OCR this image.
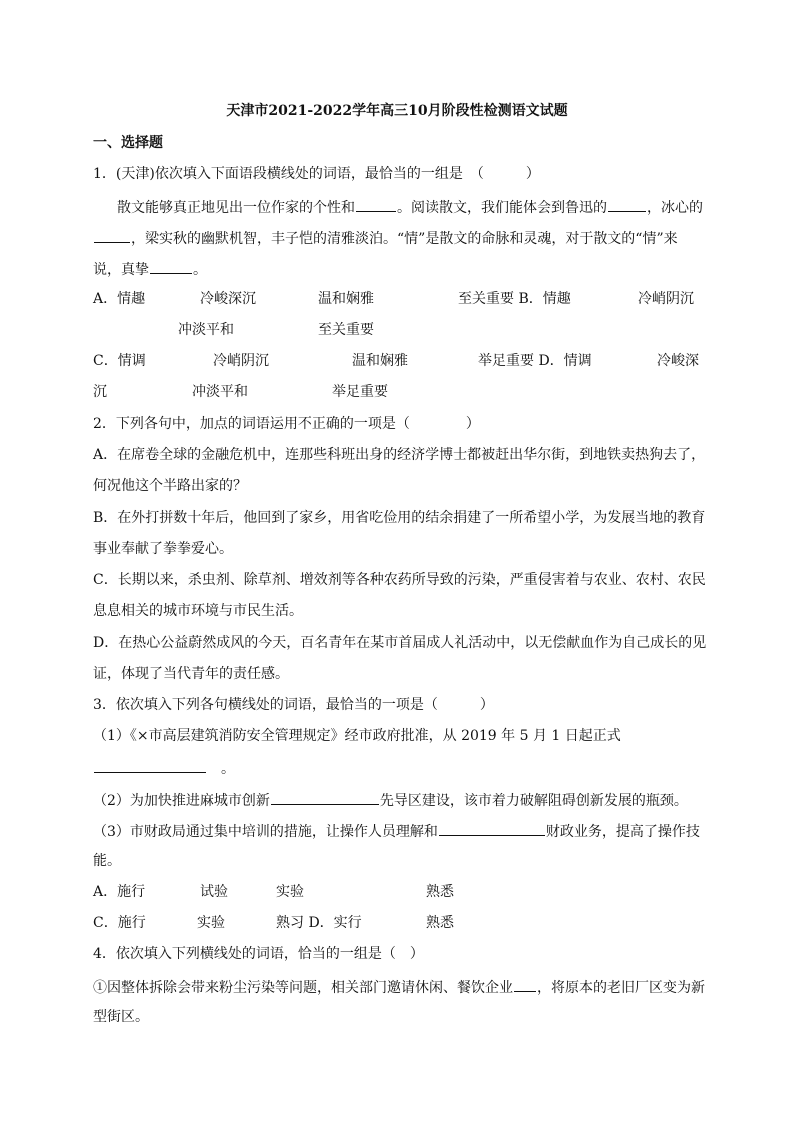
天津市2021-2022学年高三10月阶段性检测语文试题
一、选择题
1．(天津)依次填入下面语段横线处的词语，最恰当的一组是　（　　　）
散文能够真正地见出一位作家的个性和	。阅读散文，我们能体会到鲁迅的	，冰心的
，梁实秋的幽默机智，丰子恺的清雅淡泊。“情”是散文的命脉和灵魂，对于散文的“情”来
说，真挚	。
A．情趣	冷峻深沉	温和娴雅	至关重要 B．情趣	冷峭阴沉
冲淡平和	至关重要
C．情调	冷峭阴沉	温和娴雅	举足重要 D．情调	冷峻深
沉	冲淡平和	举足重要
2．下列各句中，加点的词语运用不正确的一项是（　　　　）
A．在席卷全球的金融危机中，连那些科班出身的经济学博士都被赶出华尔街，到地铁卖热狗去了，
何况他这个半路出家的？
B．在外打拼数十年后，他回到了家乡，用省吃俭用的结余捐建了一所希望小学，为发展当地的教育
事业奉献了拳拳爱心。
C．长期以来，杀虫剂、除草剂、增效剂等各种农药所导致的污染，严重侵害着与农业、农村、农民
息息相关的城市环境与市民生活。
D．在热心公益蔚然成风的今天，百名青年在某市首届成人礼活动中，以无偿献血作为自己成长的见
证，体现了当代青年的责任感。
3．依次填入下列各句横线处的词语，最恰当的一项是（　　　）
（1）《×市高层建筑消防安全管理规定》经市政府批准，从 2019 年 5 月 1 日起正式
　。
（2）为加快推进麻城市创新	先导区建设，该市着力破解阻碍创新发展的瓶颈。
（3）市财政局通过集中培训的措施，让操作人员理解和	财政业务，提高了操作技
能。
A．施行	试验	实验	熟悉
C．施行	实验	熟习 D．实行	熟悉
4．依次填入下列横线处的词语，恰当的一组是（　）
①因整体拆除会带来粉尘污染等问题，相关部门邀请休闲、餐饮企业 ，将原本的老旧厂区变为新
型街区。
